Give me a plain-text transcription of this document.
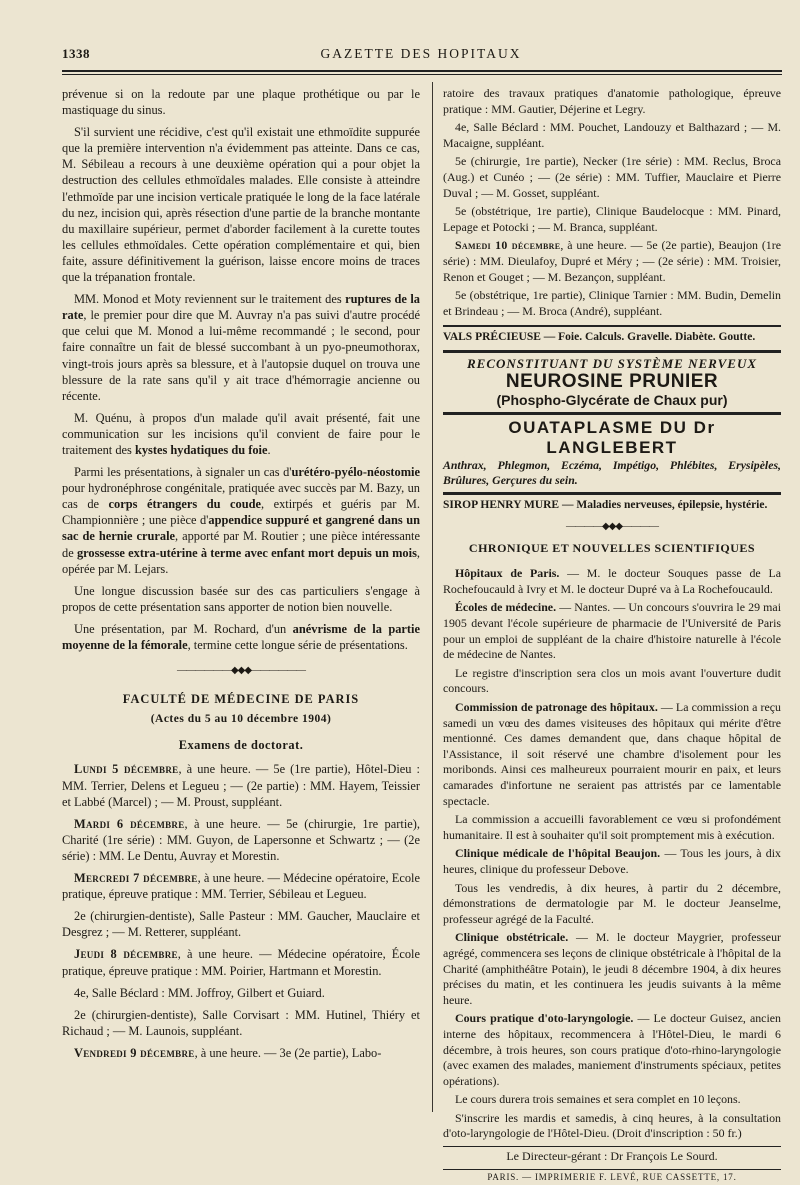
1338	GAZETTE DES HOPITAUX

prévenue si on la redoute par une plaque prothétique ou par le mastiquage du sinus.

S'il survient une récidive, c'est qu'il existait une ethmoïdite suppurée que la première intervention n'a évidemment pas atteinte. Dans ce cas, M. Sébileau a recours à une deuxième opération qui a pour objet la destruction des cellules ethmoïdales malades. Elle consiste à atteindre l'ethmoïde par une incision verticale pratiquée le long de la face latérale du nez, incision qui, après résection d'une partie de la branche montante du maxillaire supérieur, permet d'aborder facilement à la curette toutes les cellules ethmoïdales. Cette opération complémentaire et qui, bien faite, assure définitivement la guérison, laisse encore moins de traces que la trépanation frontale.

MM. Monod et Moty reviennent sur le traitement des ruptures de la rate, le premier pour dire que M. Auvray n'a pas suivi d'autre procédé que celui que M. Monod a lui-même recommandé ; le second, pour faire connaître un fait de blessé succombant à un pyo-pneumothorax, vingt-trois jours après sa blessure, et à l'autopsie duquel on trouva une blessure de la rate sans qu'il y ait trace d'hémorragie ancienne ou récente.

M. Quénu, à propos d'un malade qu'il avait présenté, fait une communication sur les incisions qu'il convient de faire pour le traitement des kystes hydatiques du foie.

Parmi les présentations, à signaler un cas d'urétéro-pyélo-néostomie pour hydronéphrose congénitale, pratiquée avec succès par M. Bazy, un cas de corps étrangers du coude, extirpés et guéris par M. Championnière ; une pièce d'appendice suppuré et gangrené dans un sac de hernie crurale, apporté par M. Routier ; une pièce intéressante de grossesse extra-utérine à terme avec enfant mort depuis un mois, opérée par M. Lejars.

Une longue discussion basée sur des cas particuliers s'engage à propos de cette présentation sans apporter de notion bien nouvelle.

Une présentation, par M. Rochard, d'un anévrisme de la partie moyenne de la fémorale, termine cette longue série de présentations.

――――――◆◆◆――――――
FACULTÉ DE MÉDECINE DE PARIS
(Actes du 5 au 10 décembre 1904)
Examens de doctorat.

Lundi 5 décembre, à une heure. — 5e (1re partie), Hôtel-Dieu : MM. Terrier, Delens et Legueu ; — (2e partie) : MM. Hayem, Teissier et Labbé (Marcel) ; — M. Proust, suppléant.

Mardi 6 décembre, à une heure. — 5e (chirurgie, 1re partie), Charité (1re série) : MM. Guyon, de Lapersonne et Schwartz ; — (2e série) : MM. Le Dentu, Auvray et Morestin.

Mercredi 7 décembre, à une heure. — Médecine opératoire, Ecole pratique, épreuve pratique : MM. Terrier, Sébileau et Legueu.

2e (chirurgien-dentiste), Salle Pasteur : MM. Gaucher, Mauclaire et Desgrez ; — M. Retterer, suppléant.

Jeudi 8 décembre, à une heure. — Médecine opératoire, École pratique, épreuve pratique : MM. Poirier, Hartmann et Morestin.

4e, Salle Béclard : MM. Joffroy, Gilbert et Guiard.

2e (chirurgien-dentiste), Salle Corvisart : MM. Hutinel, Thiéry et Richaud ; — M. Launois, suppléant.

Vendredi 9 décembre, à une heure. — 3e (2e partie), Labo-

ratoire des travaux pratiques d'anatomie pathologique, épreuve pratique : MM. Gautier, Déjerine et Legry.

4e, Salle Béclard : MM. Pouchet, Landouzy et Balthazard ; — M. Macaigne, suppléant.

5e (chirurgie, 1re partie), Necker (1re série) : MM. Reclus, Broca (Aug.) et Cunéo ; — (2e série) : MM. Tuffier, Mauclaire et Pierre Duval ; — M. Gosset, suppléant.

5e (obstétrique, 1re partie), Clinique Baudelocque : MM. Pinard, Lepage et Potocki ; — M. Branca, suppléant.

Samedi 10 décembre, à une heure. — 5e (2e partie), Beaujon (1re série) : MM. Dieulafoy, Dupré et Méry ; — (2e série) : MM. Troisier, Renon et Gouget ; — M. Bezançon, suppléant.

5e (obstétrique, 1re partie), Clinique Tarnier : MM. Budin, Demelin et Brindeau ; — M. Broca (André), suppléant.

VALS PRÉCIEUSE — Foie. Calculs. Gravelle. Diabète. Goutte.
RECONSTITUANT DU SYSTÈME NERVEUX
NEUROSINE PRUNIER
(Phospho-Glycérate de Chaux pur)
OUATAPLASME DU Dr LANGLEBERT
Anthrax, Phlegmon, Eczéma, Impétigo, Phlébites, Erysipèles, Brûlures, Gerçures du sein.
SIROP HENRY MURE — Maladies nerveuses, épilepsie, hystérie.
――――◆◆◆――――
CHRONIQUE ET NOUVELLES SCIENTIFIQUES

Hôpitaux de Paris. — M. le docteur Souques passe de La Rochefoucauld à Ivry et M. le docteur Dupré va à La Rochefoucauld.

Écoles de médecine. — Nantes. — Un concours s'ouvrira le 29 mai 1905 devant l'école supérieure de pharmacie de l'Université de Paris pour un emploi de suppléant de la chaire d'histoire naturelle à l'école de médecine de Nantes.

Le registre d'inscription sera clos un mois avant l'ouverture dudit concours.

Commission de patronage des hôpitaux. — La commission a reçu samedi un vœu des dames visiteuses des hôpitaux qui mérite d'être mentionné. Ces dames demandent que, dans chaque hôpital de l'Assistance, il soit réservé une chambre d'isolement pour les moribonds. Ainsi ces malheureux pourraient mourir en paix, et leurs camarades d'infortune ne seraient pas attristés par ce lamentable spectacle.

La commission a accueilli favorablement ce vœu si profondément humanitaire. Il est à souhaiter qu'il soit promptement mis à exécution.

Clinique médicale de l'hôpital Beaujon. — Tous les jours, à dix heures, clinique du professeur Debove.

Tous les vendredis, à dix heures, à partir du 2 décembre, démonstrations de dermatologie par M. le docteur Jeanselme, professeur agrégé de la Faculté.

Clinique obstétricale. — M. le docteur Maygrier, professeur agrégé, commencera ses leçons de clinique obstétricale à l'hôpital de la Charité (amphithéâtre Potain), le jeudi 8 décembre 1904, à dix heures précises du matin, et les continuera les jeudis suivants à la même heure.

Cours pratique d'oto-laryngologie. — Le docteur Guisez, ancien interne des hôpitaux, recommencera à l'Hôtel-Dieu, le mardi 6 décembre, à trois heures, son cours pratique d'oto-rhino-laryngologie (avec examen des malades, maniement d'instruments spéciaux, petites opérations).

Le cours durera trois semaines et sera complet en 10 leçons.

S'inscrire les mardis et samedis, à cinq heures, à la consultation d'oto-laryngologie de l'Hôtel-Dieu. (Droit d'inscription : 50 fr.)

Le Directeur-gérant : Dr François Le Sourd.
PARIS. — IMPRIMERIE F. LEVÉ, RUE CASSETTE, 17.
